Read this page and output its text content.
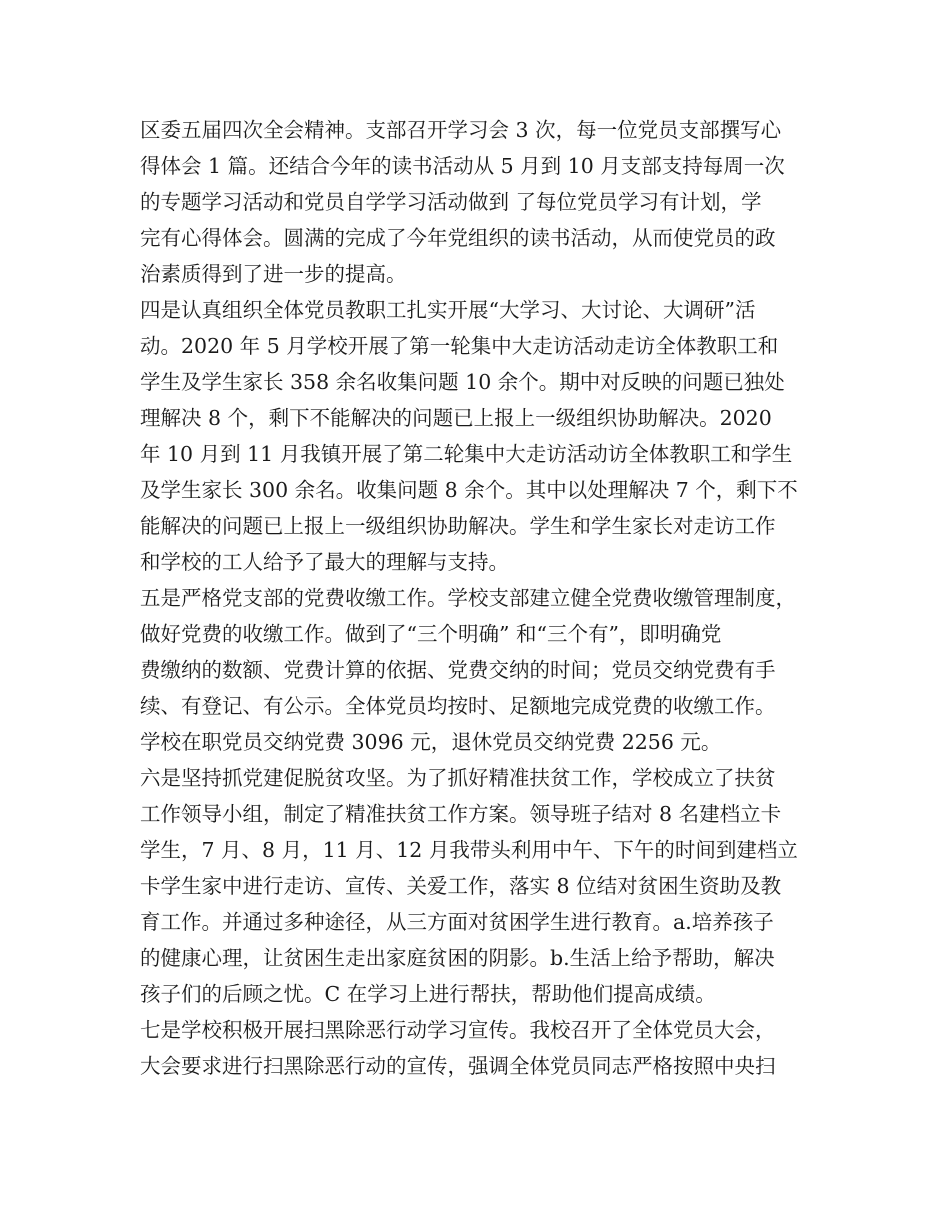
区委五届四次全会精神。支部召开学习会 3 次，每一位党员支部撰写心
得体会 1 篇。还结合今年的读书活动从 5 月到 10 月支部支持每周一次
的专题学习活动和党员自学学习活动做到 了每位党员学习有计划，学
完有心得体会。圆满的完成了今年党组织的读书活动，从而使党员的政
治素质得到了进一步的提高。
四是认真组织全体党员教职工扎实开展“大学习、大讨论、大调研”活
动。2020 年 5 月学校开展了第一轮集中大走访活动走访全体教职工和
学生及学生家长 358 余名收集问题 10 余个。期中对反映的问题已独处
理解决 8 个，剩下不能解决的问题已上报上一级组织协助解决。2020
年 10 月到 11 月我镇开展了第二轮集中大走访活动访全体教职工和学生
及学生家长 300 余名。收集问题 8 余个。其中以处理解决 7 个，剩下不
能解决的问题已上报上一级组织协助解决。学生和学生家长对走访工作
和学校的工人给予了最大的理解与支持。
五是严格党支部的党费收缴工作。学校支部建立健全党费收缴管理制度，
做好党费的收缴工作。做到了“三个明确” 和“三个有”，即明确党
费缴纳的数额、党费计算的依据、党费交纳的时间；党员交纳党费有手
续、有登记、有公示。全体党员均按时、足额地完成党费的收缴工作。
学校在职党员交纳党费 3096 元，退休党员交纳党费 2256 元。
六是坚持抓党建促脱贫攻坚。为了抓好精准扶贫工作，学校成立了扶贫
工作领导小组，制定了精准扶贫工作方案。领导班子结对 8 名建档立卡
学生，7 月、8 月，11 月、12 月我带头利用中午、下午的时间到建档立
卡学生家中进行走访、宣传、关爱工作，落实 8 位结对贫困生资助及教
育工作。并通过多种途径，从三方面对贫困学生进行教育。a.培养孩子
的健康心理，让贫困生走出家庭贫困的阴影。b.生活上给予帮助，解决
孩子们的后顾之忧。C 在学习上进行帮扶，帮助他们提高成绩。
七是学校积极开展扫黑除恶行动学习宣传。我校召开了全体党员大会，
大会要求进行扫黑除恶行动的宣传，强调全体党员同志严格按照中央扫
